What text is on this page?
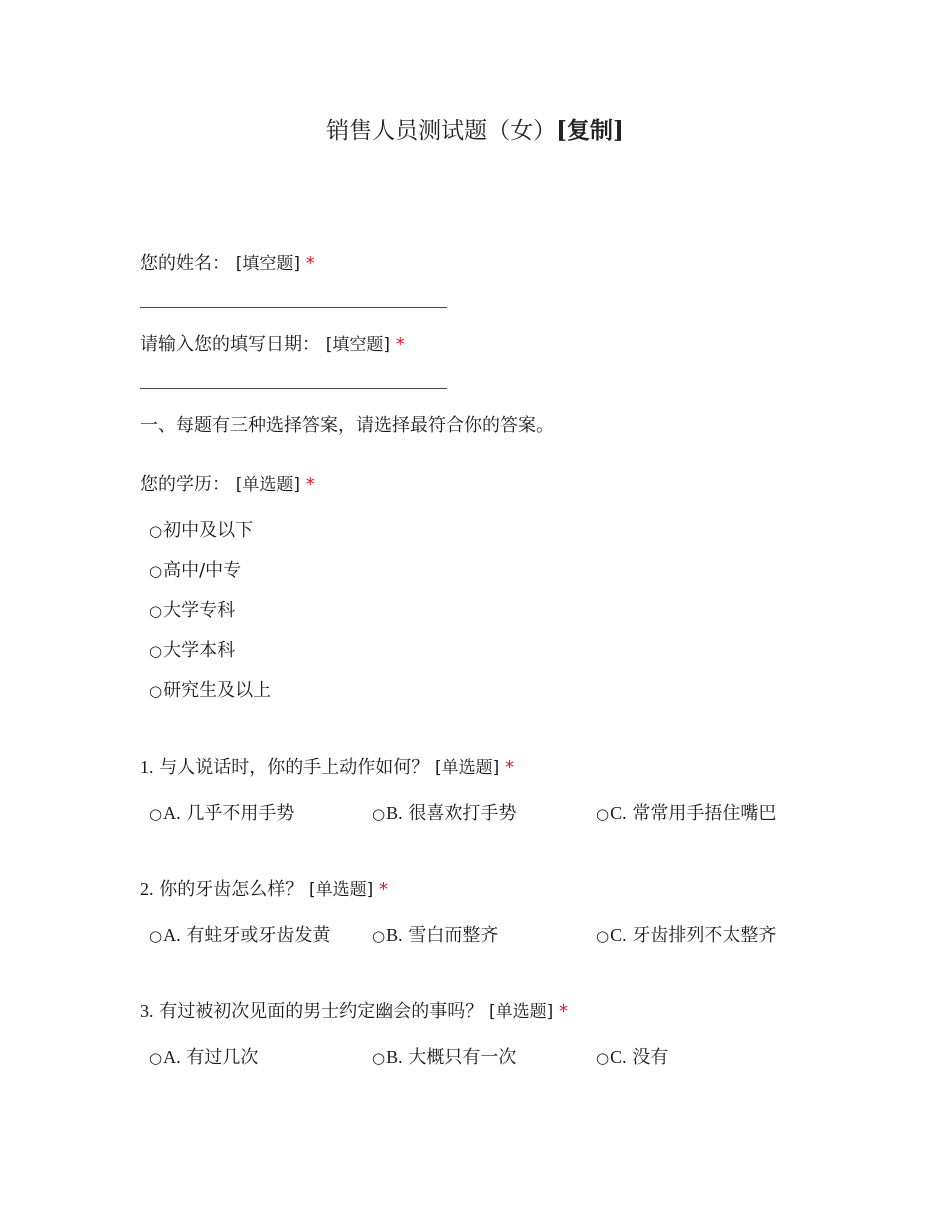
销售人员测试题（女）[复制]
您的姓名： [填空题] *
请输入您的填写日期： [填空题] *
一、每题有三种选择答案，请选择最符合你的答案。
您的学历： [单选题] *
○初中及以下
○高中/中专
○大学专科
○大学本科
○研究生及以上
1. 与人说话时，你的手上动作如何？ [单选题] *
○A. 几乎不用手势	○B. 很喜欢打手势	○C. 常常用手捂住嘴巴
2. 你的牙齿怎么样？ [单选题] *
○A. 有蛀牙或牙齿发黄	○B. 雪白而整齐	○C. 牙齿排列不太整齐
3. 有过被初次见面的男士约定幽会的事吗？ [单选题] *
○A. 有过几次	○B. 大概只有一次	○C. 没有
